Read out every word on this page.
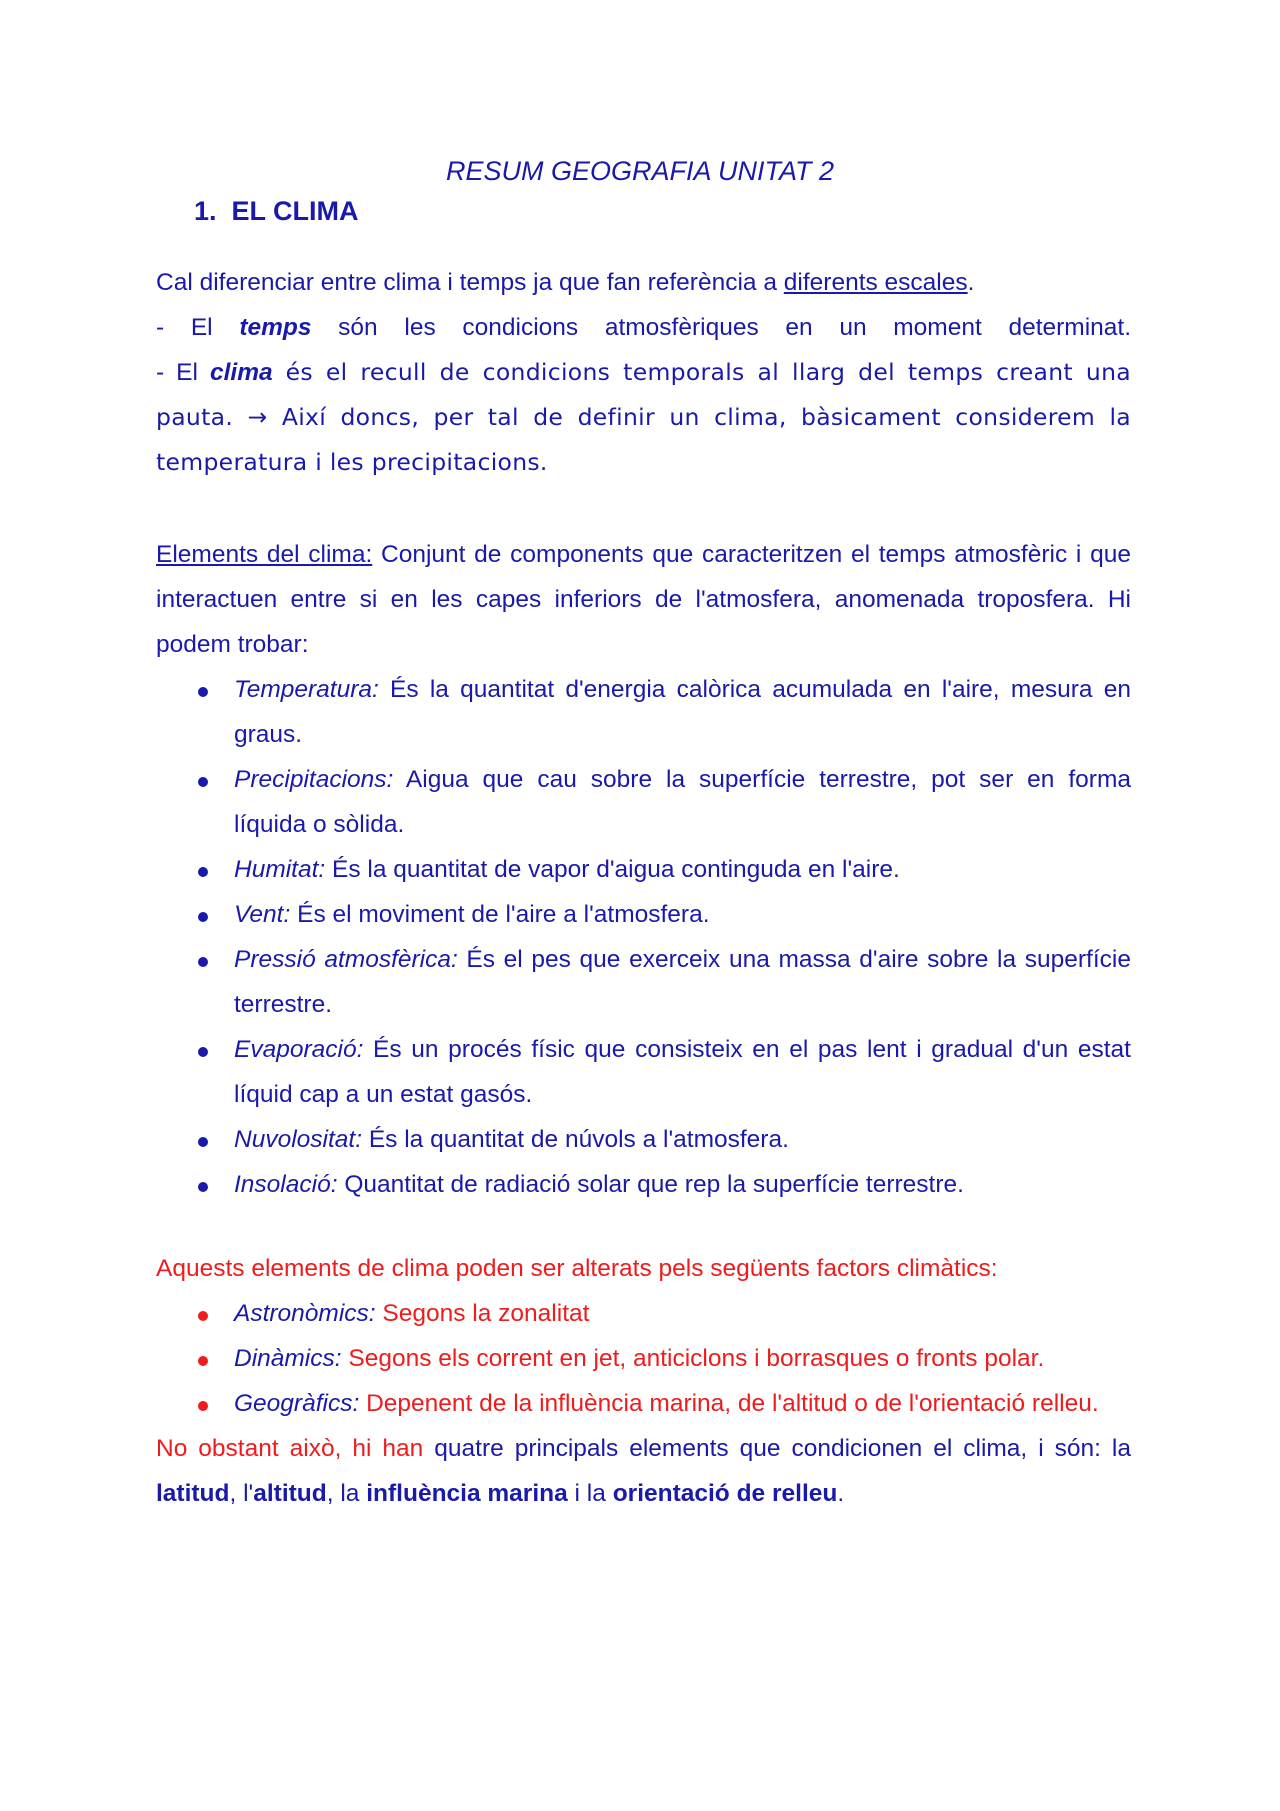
RESUM GEOGRAFIA UNITAT 2
1. EL CLIMA

Cal diferenciar entre clima i temps ja que fan referència a diferents escales.

- El temps són les condicions atmosfèriques en un moment determinat.

- El clima és el recull de condicions temporals al llarg del temps creant una pauta. → Així doncs, per tal de definir un clima, bàsicament considerem la temperatura i les precipitacions.

Elements del clima: Conjunt de components que caracteritzen el temps atmosfèric i que interactuen entre si en les capes inferiors de l'atmosfera, anomenada troposfera. Hi podem trobar:

Temperatura: És la quantitat d'energia calòrica acumulada en l'aire, mesura en graus.
Precipitacions: Aigua que cau sobre la superfície terrestre, pot ser en forma líquida o sòlida.
Humitat: És la quantitat de vapor d'aigua continguda en l'aire.
Vent: És el moviment de l'aire a l'atmosfera.
Pressió atmosfèrica: És el pes que exerceix una massa d'aire sobre la superfície terrestre.
Evaporació: És un procés físic que consisteix en el pas lent i gradual d'un estat líquid cap a un estat gasós.
Nuvolositat: És la quantitat de núvols a l'atmosfera.
Insolació: Quantitat de radiació solar que rep la superfície terrestre.

Aquests elements de clima poden ser alterats pels següents factors climàtics:

Astronòmics: Segons la zonalitat
Dinàmics: Segons els corrent en jet, anticiclons i borrasques o fronts polar.
Geogràfics: Depenent de la influència marina, de l'altitud o de l'orientació relleu.

No obstant això, hi han quatre principals elements que condicionen el clima, i són: la latitud, l'altitud, la influència marina i la orientació de relleu.
